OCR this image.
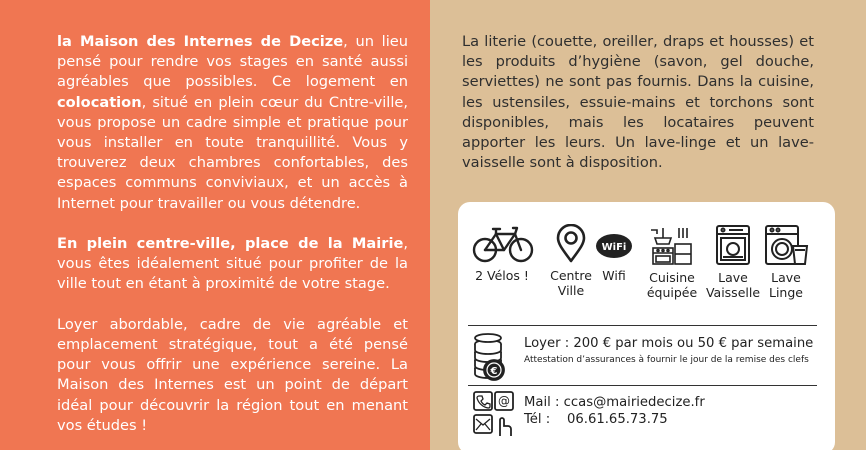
la Maison des Internes de Decize, un lieu pensé pour rendre vos stages en santé aussi agréables que possibles. Ce logement en colocation, situé en plein cœur du Cntre-ville, vous propose un cadre simple et pratique pour vous installer en toute tranquillité. Vous y trouverez deux chambres confortables, des espaces communs conviviaux, et un accès à Internet pour travailler ou vous détendre.

En plein centre-ville, place de la Mairie, vous êtes idéalement situé pour profiter de la ville tout en étant à proximité de votre stage.

Loyer abordable, cadre de vie agréable et emplacement stratégique, tout a été pensé pour vous offrir une expérience sereine. La Maison des Internes est un point de départ idéal pour découvrir la région tout en menant vos études !

La literie (couette, oreiller, draps et housses) et les produits d’hygiène (savon, gel douche, serviettes) ne sont pas fournis. Dans la cuisine, les ustensiles, essuie-mains et torchons sont disponibles, mais les locataires peuvent apporter les leurs. Un lave-linge et un lave-vaisselle sont à disposition.

2 Vélos !	Centre Ville
WiFi
Wifi	Cuisine équipée
Lave Vaisselle
Lave Linge
€
Loyer : 200 € par mois ou 50 € par semaine
Attestation d’assurances à fournir le jour de la remise des clefs
@ Mail : ccas@mairiedecize.fr
Tél :    06.61.65.73.75
